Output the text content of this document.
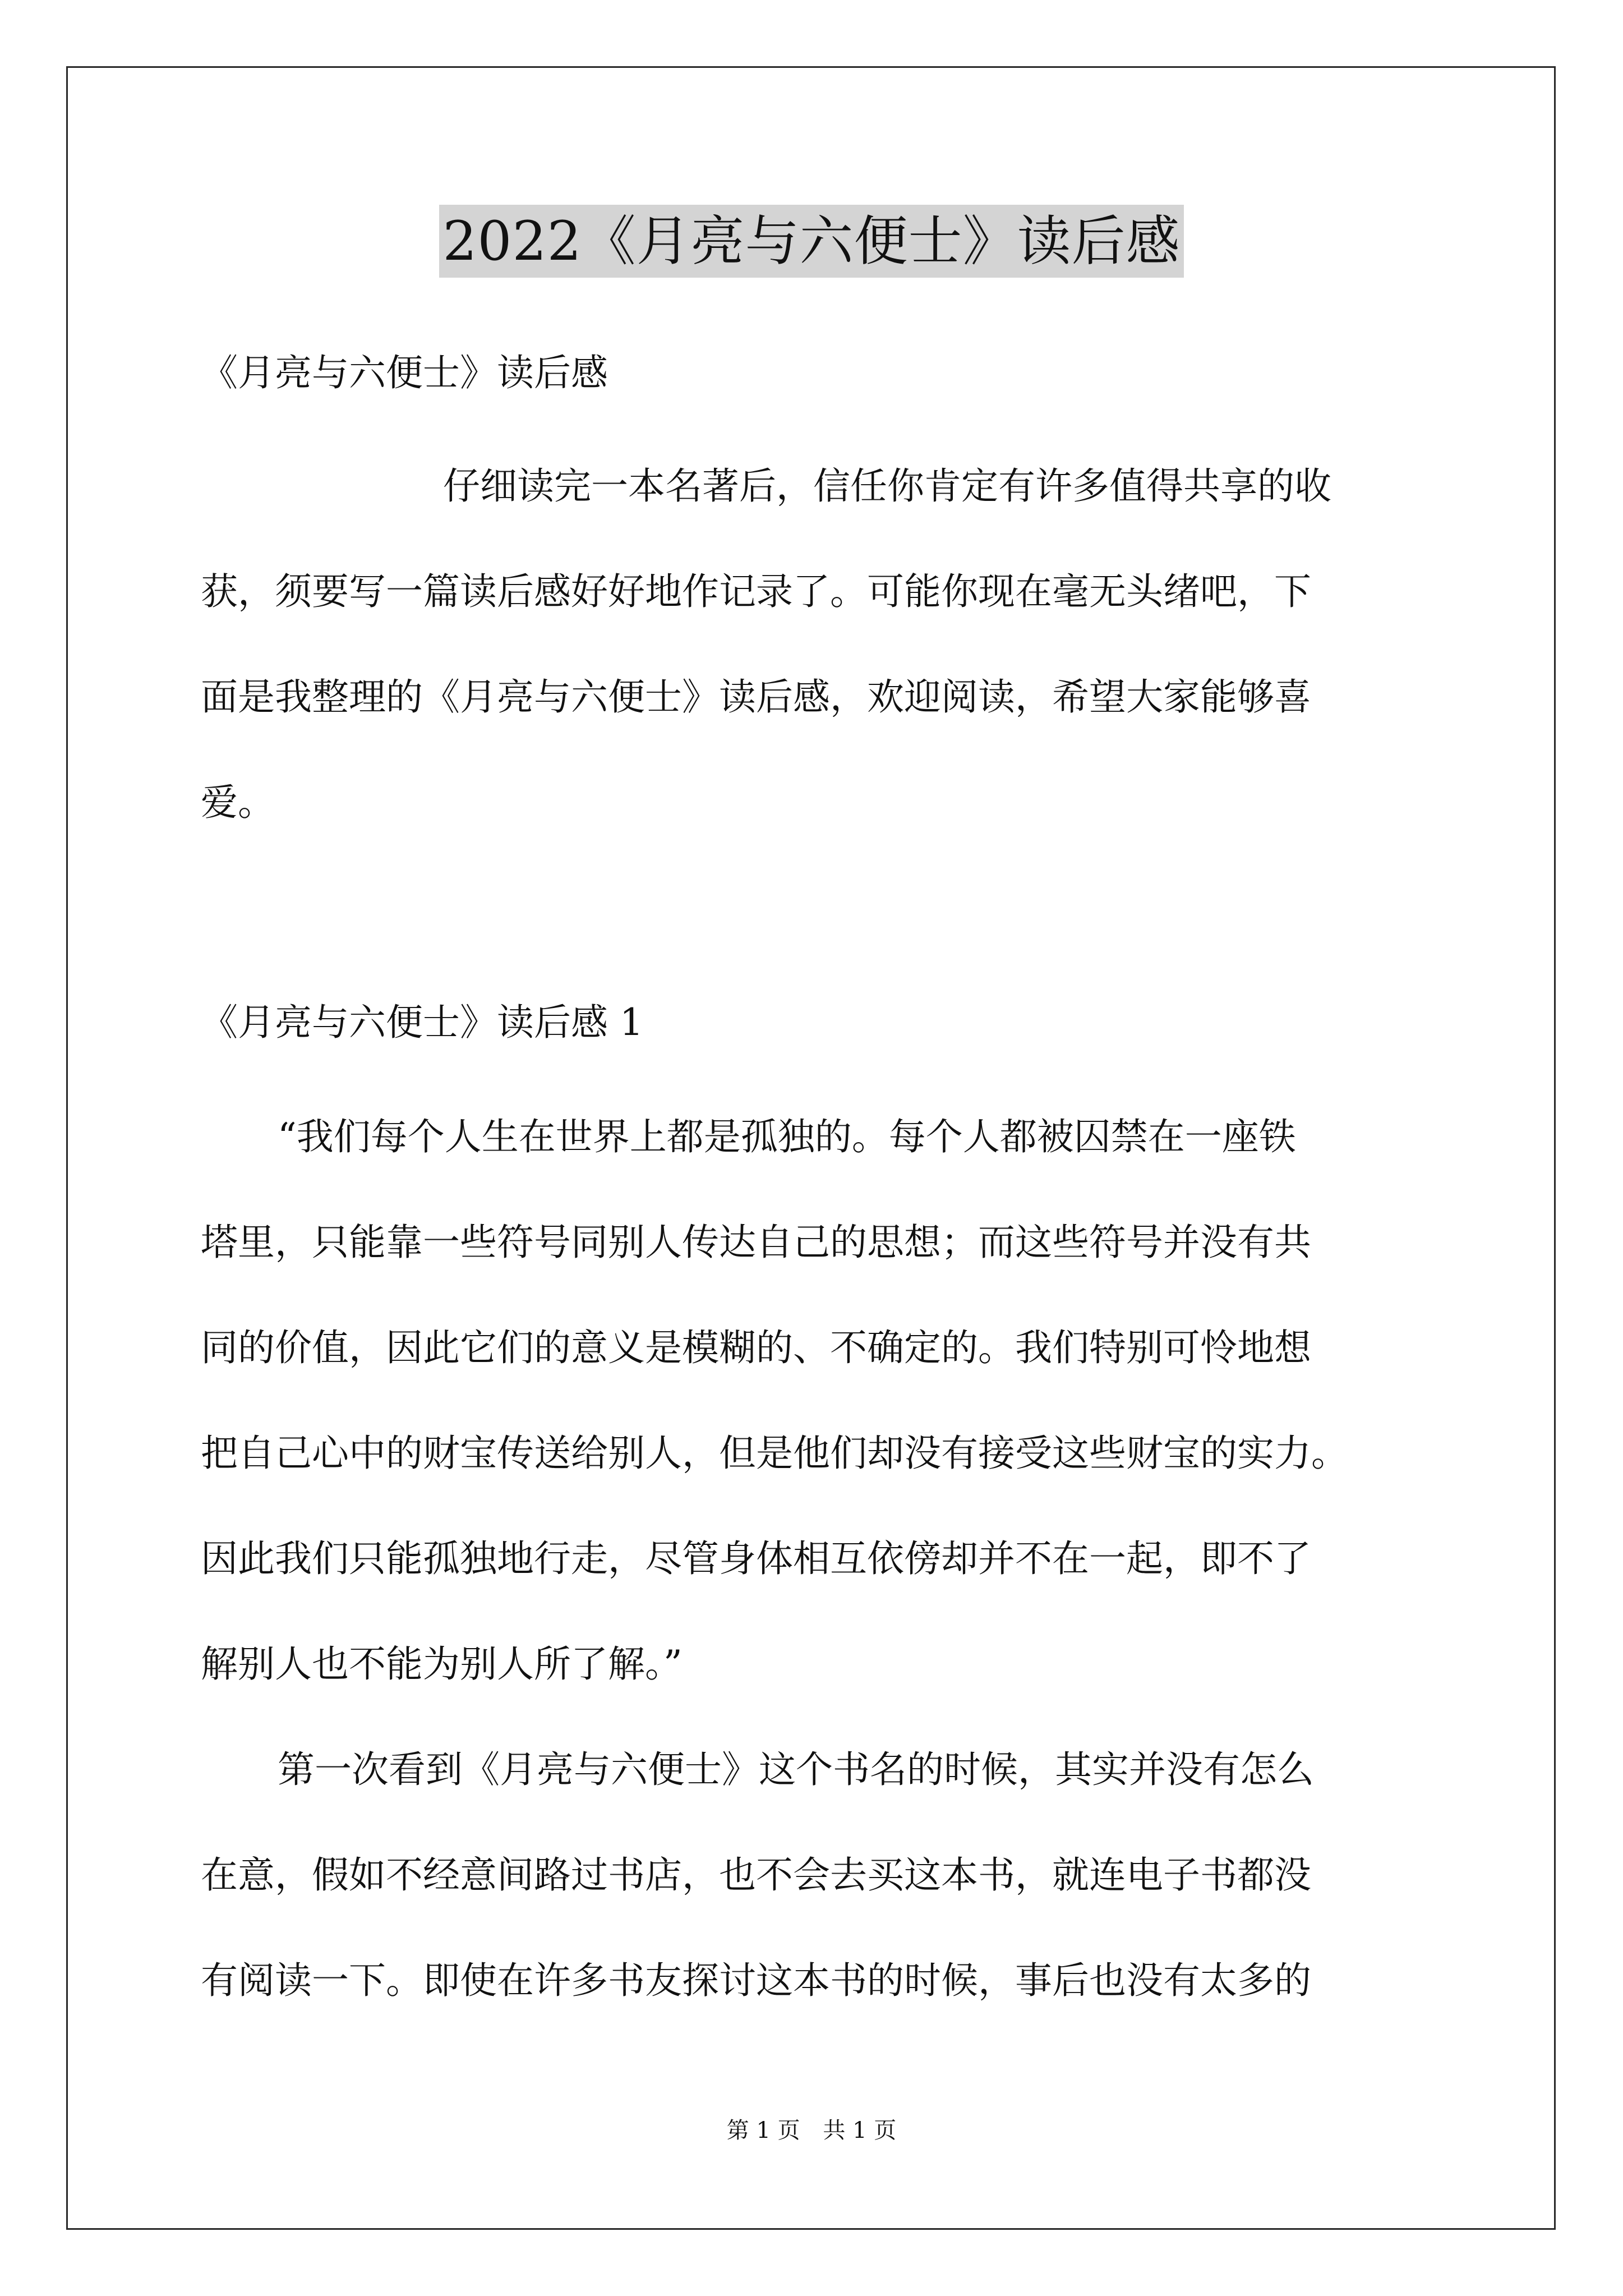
2022《月亮与六便士》读后感
《月亮与六便士》读后感
仔细读完一本名著后，信任你肯定有许多值得共享的收
获，须要写一篇读后感好好地作记录了。可能你现在毫无头绪吧，下
面是我整理的《月亮与六便士》读后感，欢迎阅读，希望大家能够喜
爱。
《月亮与六便士》读后感 1
“我们每个人生在世界上都是孤独的。每个人都被囚禁在一座铁
塔里，只能靠一些符号同别人传达自己的思想；而这些符号并没有共
同的价值，因此它们的意义是模糊的、不确定的。我们特别可怜地想
把自己心中的财宝传送给别人，但是他们却没有接受这些财宝的实力。
因此我们只能孤独地行走，尽管身体相互依傍却并不在一起，即不了
解别人也不能为别人所了解。”
第一次看到《月亮与六便士》这个书名的时候，其实并没有怎么
在意，假如不经意间路过书店，也不会去买这本书，就连电子书都没
有阅读一下。即使在许多书友探讨这本书的时候，事后也没有太多的
第 1 页 共 1 页
